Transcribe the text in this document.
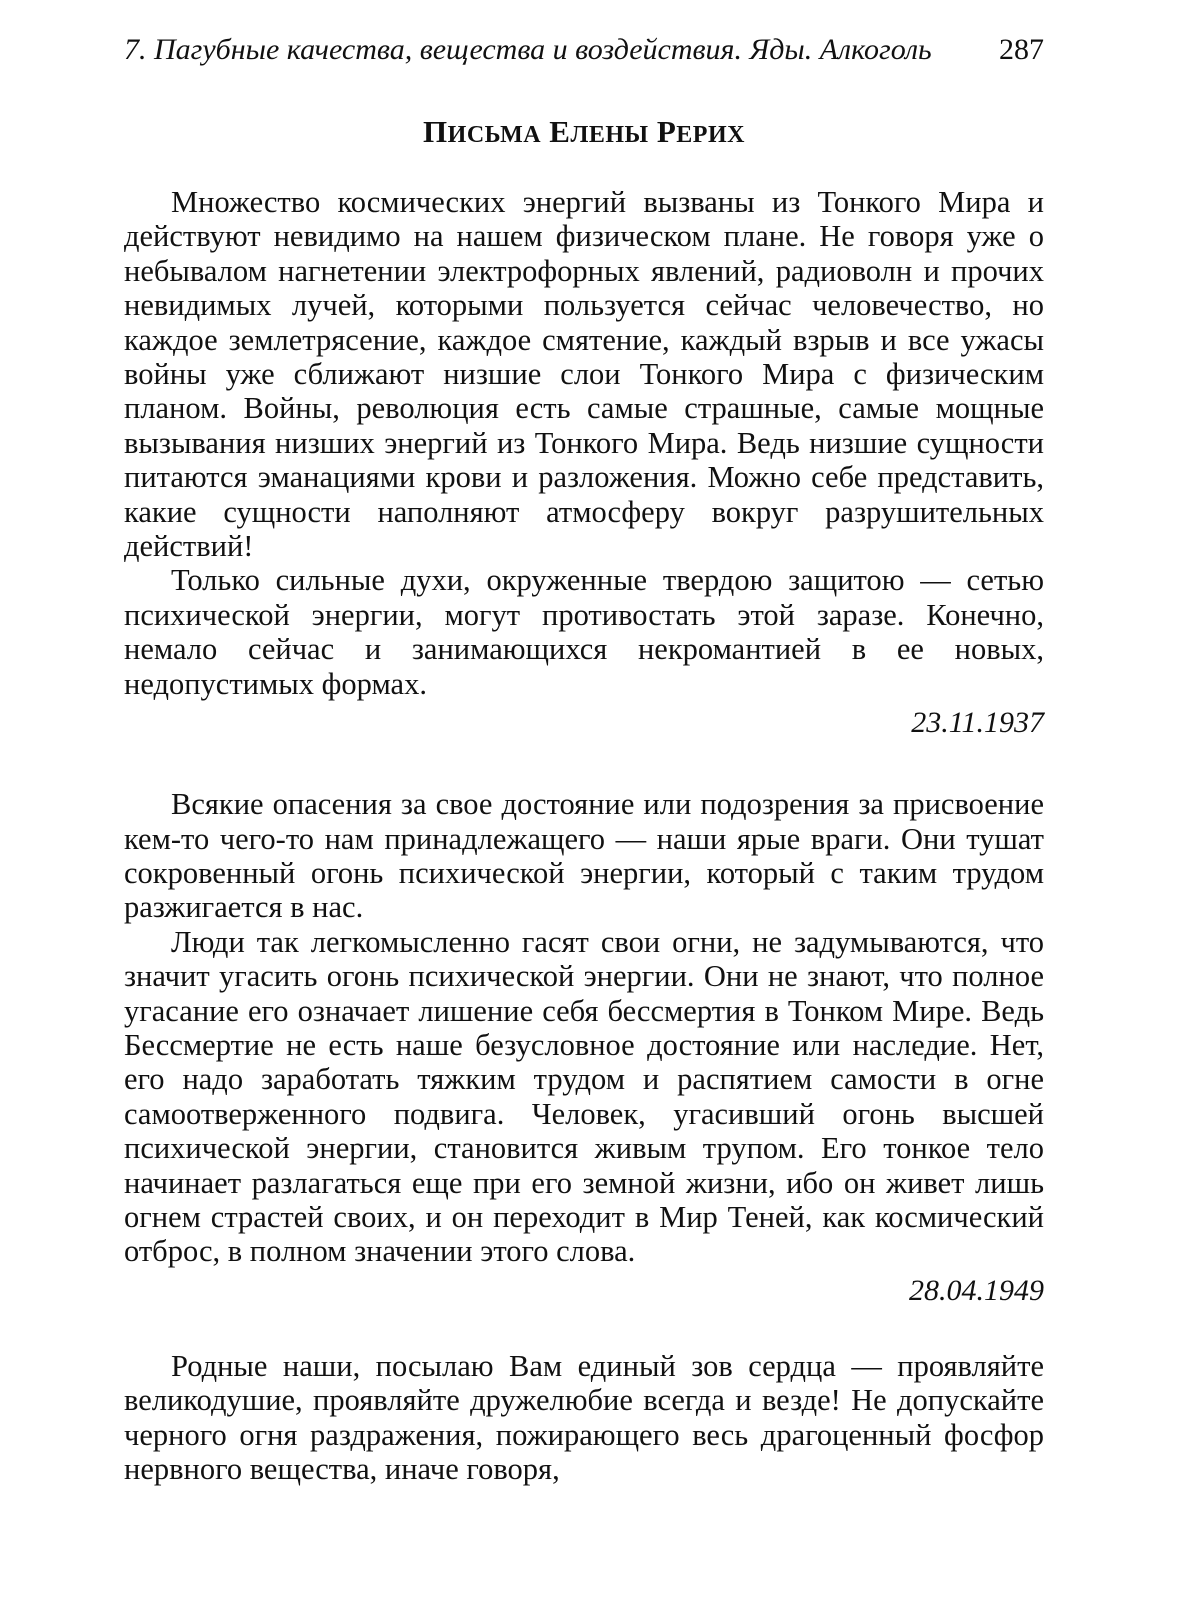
7. Пагубные качества, вещества и воздействия. Яды. Алкоголь 287
ПИСЬМА ЕЛЕНЫ РЕРИХ

Множество космических энергий вызваны из Тонкого Мира и действуют невидимо на нашем физическом плане. Не говоря уже о небывалом нагнетении электрофорных явлений, радиоволн и прочих невидимых лучей, которыми пользуется сейчас человечество, но каждое землетрясение, каждое смятение, каждый взрыв и все ужасы войны уже сближают низшие слои Тонкого Мира с физическим планом. Войны, революция есть самые страшные, самые мощные вызывания низших энергий из Тонкого Мира. Ведь низшие сущности питаются эманациями крови и разложения. Можно себе представить, какие сущности наполняют атмосферу вокруг разрушительных действий!

Только сильные духи, окруженные твердою защитою — сетью психической энергии, могут противостать этой заразе. Конечно, немало сейчас и занимающихся некромантией в ее новых, недопустимых формах.

23.11.1937

Всякие опасения за свое достояние или подозрения за присвоение кем-то чего-то нам принадлежащего — наши ярые враги. Они тушат сокровенный огонь психической энергии, который с таким трудом разжигается в нас.

Люди так легкомысленно гасят свои огни, не задумываются, что значит угасить огонь психической энергии. Они не знают, что полное угасание его означает лишение себя бессмертия в Тонком Мире. Ведь Бессмертие не есть наше безусловное достояние или наследие. Нет, его надо заработать тяжким трудом и распятием самости в огне самоотверженного подвига. Человек, угасивший огонь высшей психической энергии, становится живым трупом. Его тонкое тело начинает разлагаться еще при его земной жизни, ибо он живет лишь огнем страстей своих, и он переходит в Мир Теней, как космический отброс, в полном значении этого слова.

28.04.1949

Родные наши, посылаю Вам единый зов сердца — проявляйте великодушие, проявляйте дружелюбие всегда и везде! Не допускайте черного огня раздражения, пожирающего весь драгоценный фосфор нервного вещества, иначе говоря,
